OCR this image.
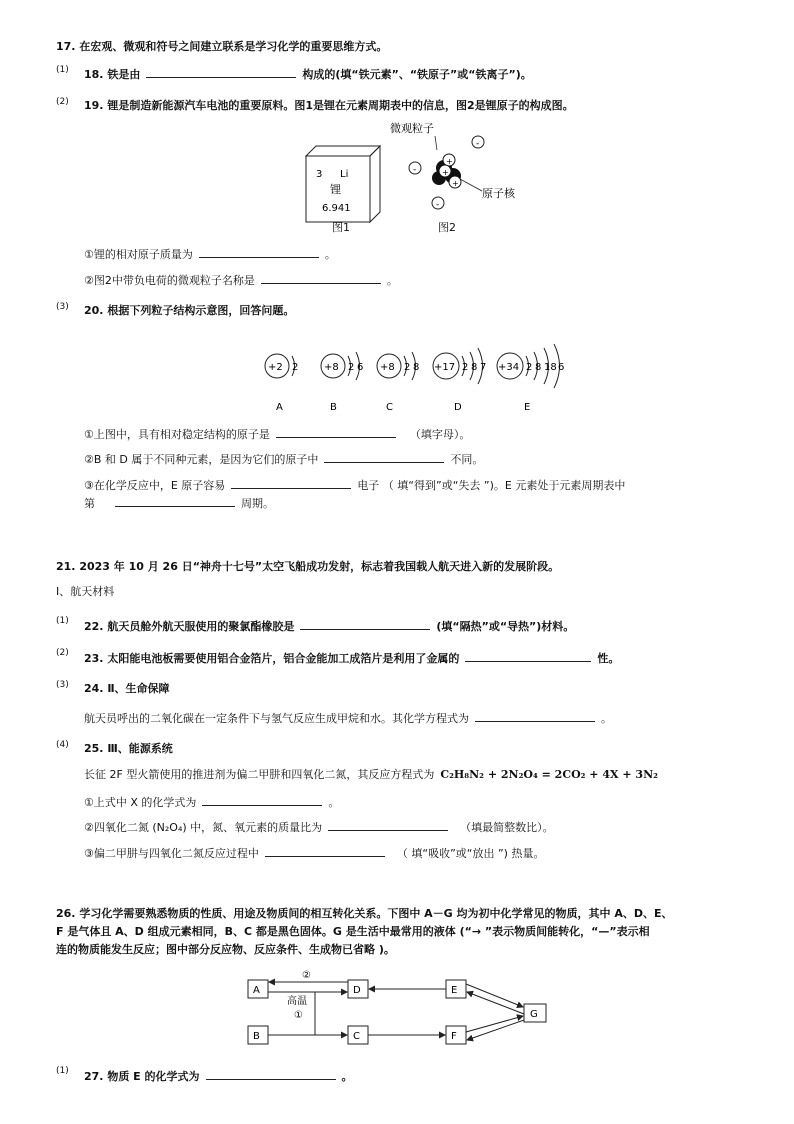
17. 在宏观、微观和符号之间建立联系是学习化学的重要思维方式。
(1) 18. 铁是由	构成的(填“铁元素”、“铁原子”或“铁离子”)。
(2) 19. 锂是制造新能源汽车电池的重要原料。图1是锂在元素周期表中的信息，图2是锂原子的构成图。
3 Li
锂
6.941
图1
微观粒子
+
+
+
原子核
-
-
-
图2
①锂的相对原子质量为	。
②图2中带负电荷的微观粒子名称是	。
(3) 20. 根据下列粒子结构示意图，回答问题。
+2 2
A
+8 2 6
B
+8 2 8
C
+17 2 8 7
D
+34 2 8 18 6
E
①上图中，具有相对稳定结构的原子是	（填字母）。
②B 和 D 属于不同种元素，是因为它们的原子中	不同。
③在化学反应中，E 原子容易	电子 （ 填“得到”或“失去 ”)。E 元素处于元素周期表中
第	周期。
21. 2023 年 10 月 26 日“神舟十七号”太空飞船成功发射，标志着我国载人航天进入新的发展阶段。
Ⅰ、航天材料
(1) 22. 航天员舱外航天服使用的聚氯酯橡胶是	(填“隔热”或“导热”)材料。
(2) 23. 太阳能电池板需要使用铝合金箔片，铝合金能加工成箔片是利用了金属的	性。
(3) 24. Ⅱ、生命保障
航天员呼出的二氧化碳在一定条件下与氢气反应生成甲烷和水。其化学方程式为	。
(4) 25. Ⅲ、能源系统
长征 2F 型火箭使用的推进剂为偏二甲肼和四氧化二氮，其反应方程式为 C₂H₈N₂ + 2N₂O₄ = 2CO₂ + 4X + 3N₂
①上式中 X 的化学式为	。
②四氧化二氮 (N₂O₄) 中，氮、氧元素的质量比为	（填最简整数比）。
③偏二甲肼与四氧化二氮反应过程中	（ 填“吸收”或“放出 ”) 热量。
26. 学习化学需要熟悉物质的性质、用途及物质间的相互转化关系。下图中 A－G 均为初中化学常见的物质，其中 A、D、E、
F 是气体且 A、D 组成元素相同，B、C 都是黑色固体。G 是生活中最常用的液体 (“→ ”表示物质间能转化，“—”表示相
连的物质能发生反应；图中部分反应物、反应条件、生成物已省略 )。
A
B	C
D	E
F
G
②
高温
①
(1) 27. 物质 E 的化学式为	。
